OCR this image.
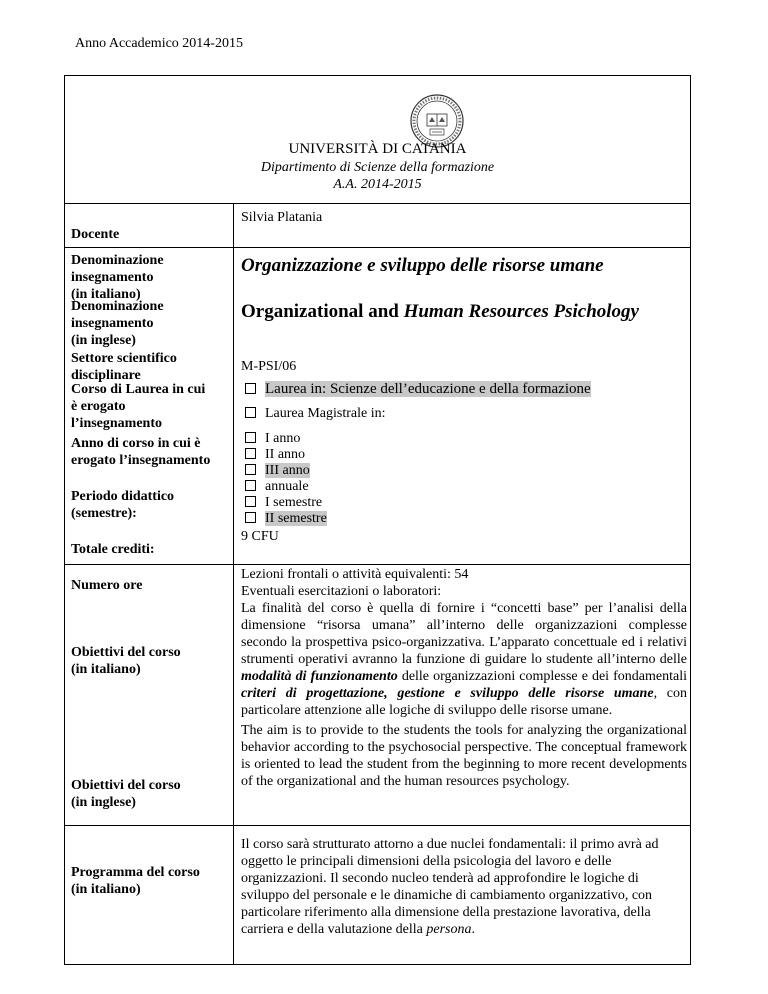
Anno Accademico 2014-2015
UNIVERSITÀ DI CATANIA
Dipartimento di Scienze della formazione
A.A. 2014-2015
Docente
Silvia Platania
Denominazione
insegnamento
(in italiano)
Organizzazione e sviluppo delle risorse umane
Denominazione
insegnamento
(in inglese)
Organizational and Human Resources Psichology
Settore scientifico
disciplinare
M-PSI/06
Corso di Laurea in cui
è erogato
l’insegnamento
Laurea in: Scienze dell’educazione e della formazione
Laurea Magistrale in:
Anno di corso in cui è
erogato l’insegnamento
Periodo didattico
(semestre):
I anno
II anno
III anno
annuale
I semestre
II semestre
Totale crediti:
9 CFU
Numero ore
Lezioni frontali o attività equivalenti: 54
Eventuali esercitazioni o laboratori:
Obiettivi del corso
(in italiano)
La finalità del corso è quella di fornire i “concetti base” per l’analisi della dimensione “risorsa umana” all’interno delle organizzazioni complesse secondo la prospettiva psico-organizzativa. L’apparato concettuale ed i relativi strumenti operativi avranno la funzione di guidare lo studente all’interno delle modalità di funzionamento delle organizzazioni complesse e dei fondamentali criteri di progettazione, gestione e sviluppo delle risorse umane, con particolare attenzione alle logiche di sviluppo delle risorse umane.
Obiettivi del corso
(in inglese)
The aim is to provide to the students the tools for analyzing the organizational behavior according to the psychosocial perspective. The conceptual framework is oriented to lead the student from the beginning to more recent developments of the organizational and the human resources psychology.
Programma del corso
(in italiano)
Il corso sarà strutturato attorno a due nuclei fondamentali: il primo avrà ad oggetto le principali dimensioni della psicologia del lavoro e delle organizzazioni. Il secondo nucleo tenderà ad approfondire le logiche di sviluppo del personale e le dinamiche di cambiamento organizzativo, con particolare riferimento alla dimensione della prestazione lavorativa, della carriera e della valutazione della persona.
